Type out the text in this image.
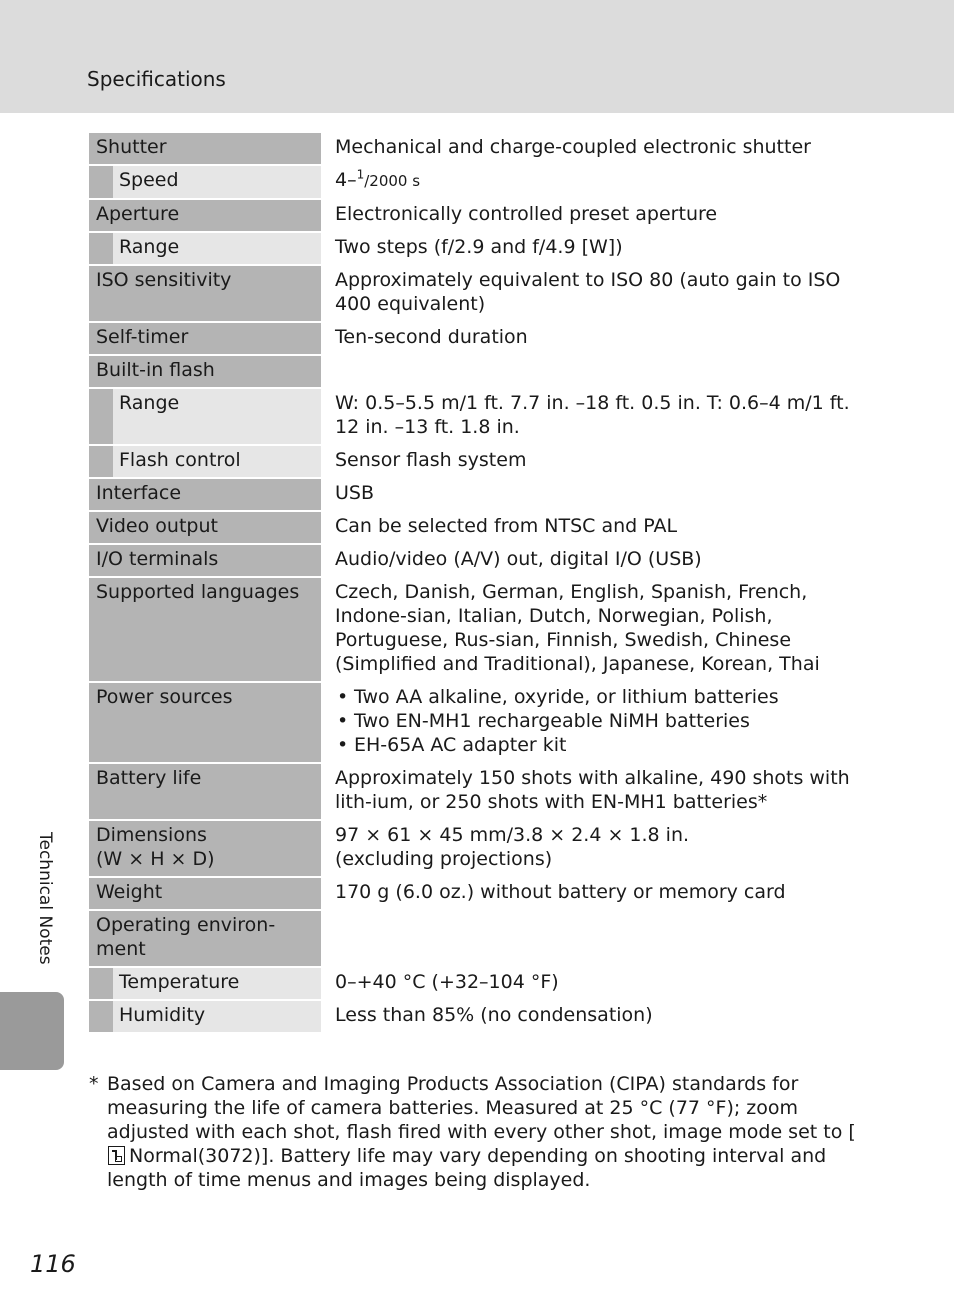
Specifications
Shutter	Mechanical and charge-coupled electronic shutter
Speed	4–$^1$/2000 s
Aperture	Electronically controlled preset aperture
Range	Two steps (f/2.9 and f/4.9 [W])
ISO sensitivity	Approximately equivalent to ISO 80 (auto gain to ISO 400 equivalent)
Self-timer	Ten-second duration
Built-in flash
Range	W: 0.5–5.5 m/1 ft. 7.7 in. –18 ft. 0.5 in. T: 0.6–4 m/1 ft. 12 in. –13 ft. 1.8 in.
Flash control	Sensor flash system
Interface	USB
Video output	Can be selected from NTSC and PAL
I/O terminals	Audio/video (A/V) out, digital I/O (USB)
Supported languages	Czech, Danish, German, English, Spanish, French, Indone-sian, Italian, Dutch, Norwegian, Polish, Portuguese, Rus-sian, Finnish, Swedish, Chinese (Simplified and Traditional), Japanese, Korean, Thai
Power sources
•	Two AA alkaline, oxyride, or lithium batteries
• Two EN-MH1 rechargeable NiMH batteries
• EH-65A AC adapter kit
Battery life	Approximately 150 shots with alkaline, 490 shots with lith-ium, or 250 shots with EN-MH1 batteries*
Dimensions
(W × H × D)
97 × 61 × 45 mm/3.8 × 2.4 × 1.8 in.
(excluding projections)
Weight	170 g (6.0 oz.) without battery or memory card
Operating environ-ment
Temperature	0–+40 °C (+32–104 °F)
Humidity	Less than 85% (no condensation)
* Based on Camera and Imaging Products Association (CIPA) standards for measuring the life of camera batteries. Measured at 25 °C (77 °F); zoom adjusted with each shot, flash fired with every other shot, image mode set to [Normal(3072)]. Battery life may vary depending on shooting interval and length of time menus and images being displayed.
Technical Notes
116
